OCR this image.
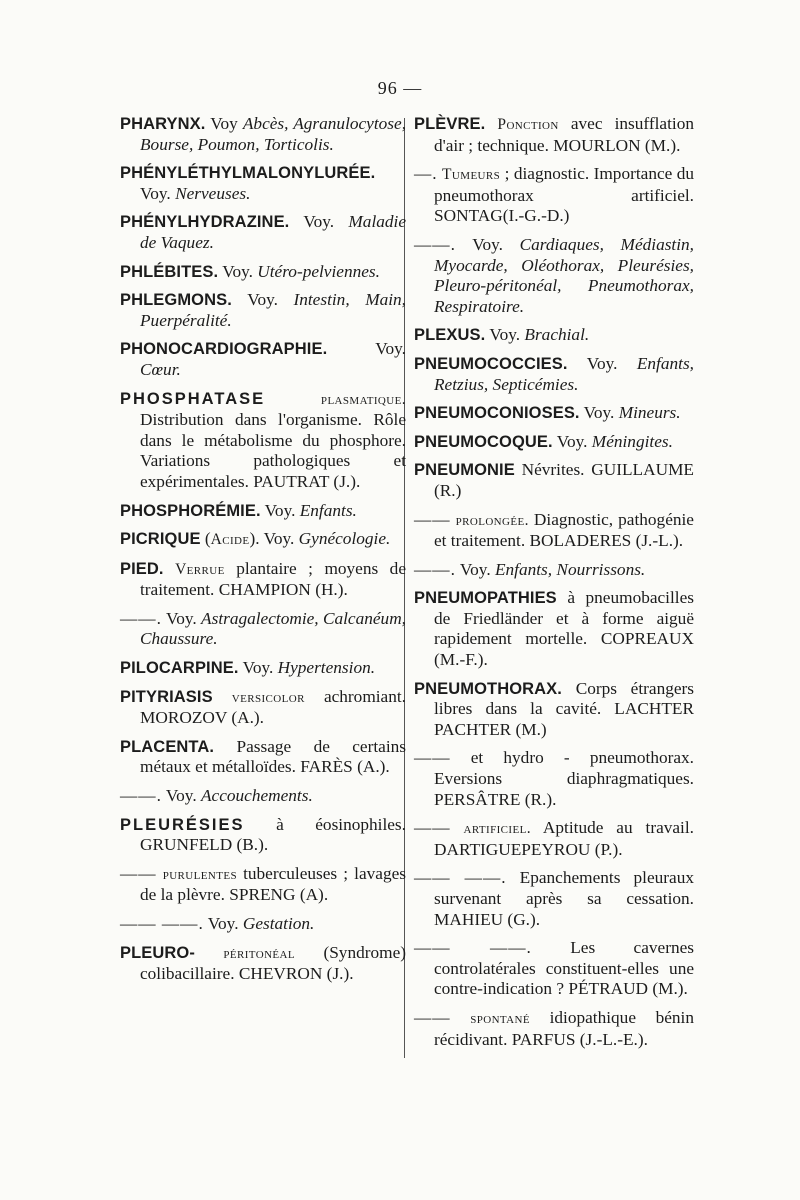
96 —

PHARYNX. Voy Abcès, Agranulocytose, Bourse, Poumon, Torticolis.

PHÉNYLÉTHYLMALONYLURÉE. Voy. Nerveuses.

PHÉNYLHYDRAZINE. Voy. Maladie de Vaquez.

PHLÉBITES. Voy. Utéro-pelviennes.

PHLEGMONS. Voy. Intestin, Main, Puerpéralité.

PHONOCARDIOGRAPHIE.	Voy. Cœur.

PHOSPHATASE	plasmatique. Distribution dans l'organisme. Rôle dans le métabolisme du phosphore. Variations pathologiques et expérimentales. PAUTRAT (J.).

PHOSPHORÉMIE. Voy. Enfants.

PICRIQUE (Acide). Voy. Gynécologie.

PIED. Verrue plantaire ; moyens de traitement. CHAMPION (H.).

——. Voy. Astragalectomie, Calcanéum, Chaussure.

PILOCARPINE. Voy. Hypertension.

PITYRIASIS versicolor achromiant. MOROZOV (A.).

PLACENTA. Passage de certains métaux et métalloïdes. FARÈS (A.).

——. Voy. Accouchements.

PLEURÉSIES à éosinophiles. GRUNFELD (B.).

—— purulentes tuberculeuses ; lavages de la plèvre. SPRENG (A).

—— ——. Voy. Gestation.

PLEURO- péritonéal (Syndrome) colibacillaire. CHEVRON (J.).

PLÈVRE. Ponction avec insufflation d'air ; technique. MOURLON (M.).

—. Tumeurs ; diagnostic. Importance du pneumothorax artificiel. SONTAG(I.-G.-D.)

——. Voy. Cardiaques, Médiastin, Myocarde, Oléothorax, Pleurésies, Pleuro-péritonéal, Pneumothorax, Respiratoire.

PLEXUS. Voy. Brachial.

PNEUMOCOCCIES. Voy. Enfants, Retzius, Septicémies.

PNEUMOCONIOSES. Voy. Mineurs.

PNEUMOCOQUE. Voy. Méningites.

PNEUMONIE Névrites. GUILLAUME (R.)

—— prolongée. Diagnostic, pathogénie et traitement. BOLADERES (J.-L.).

——. Voy. Enfants, Nourrissons.

PNEUMOPATHIES à pneumobacilles de Friedländer et à forme aiguë rapidement mortelle. COPREAUX (M.-F.).

PNEUMOTHORAX. Corps étrangers libres dans la cavité. LACHTER PACHTER (M.)

—— et hydro - pneumothorax. Eversions diaphragmatiques. PERSÂTRE (R.).

—— artificiel. Aptitude au travail. DARTIGUEPEYROU (P.).

—— ——. Epanchements pleuraux survenant après sa cessation. MAHIEU (G.).

—— ——. Les cavernes controlatérales constituent-elles une contre-indication ? PÉTRAUD (M.).

—— spontané idiopathique bénin récidivant. PARFUS (J.-L.-E.).
